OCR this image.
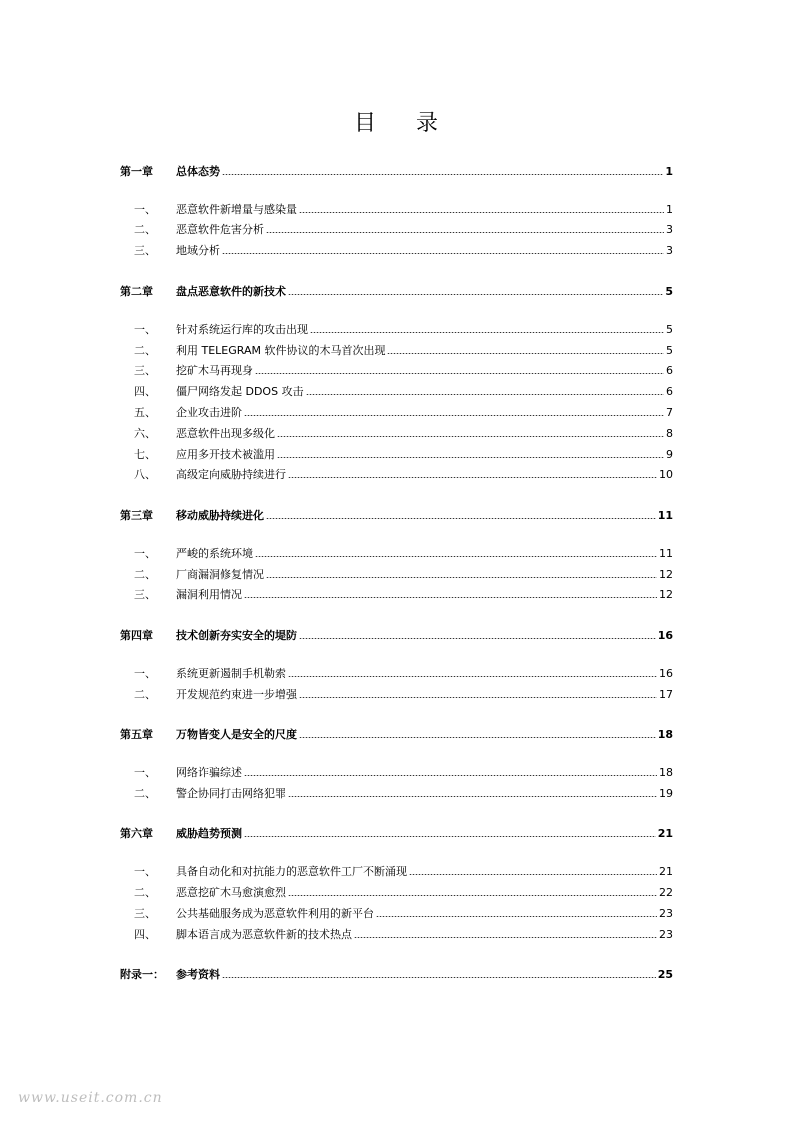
目 录
第一章	总体态势	1
一、	恶意软件新增量与感染量	1
二、	恶意软件危害分析	3
三、	地域分析	3
第二章	盘点恶意软件的新技术	5
一、	针对系统运行库的攻击出现	5
二、	利用 TELEGRAM 软件协议的木马首次出现	5
三、	挖矿木马再现身	6
四、	僵尸网络发起 DDOS 攻击	6
五、	企业攻击进阶	7
六、	恶意软件出现多级化	8
七、	应用多开技术被滥用	9
八、	高级定向威胁持续进行	10
第三章	移动威胁持续进化	11
一、	严峻的系统环境	11
二、	厂商漏洞修复情况	12
三、	漏洞利用情况	12
第四章	技术创新夯实安全的堤防	16
一、	系统更新遏制手机勒索	16
二、	开发规范约束进一步增强	17
第五章	万物皆变人是安全的尺度	18
一、	网络诈骗综述	18
二、	警企协同打击网络犯罪	19
第六章	威胁趋势预测	21
一、	具备自动化和对抗能力的恶意软件工厂不断涌现	21
二、	恶意挖矿木马愈演愈烈	22
三、	公共基础服务成为恶意软件利用的新平台	23
四、	脚本语言成为恶意软件新的技术热点	23
附录一：	参考资料	25
www.useit.com.cn
